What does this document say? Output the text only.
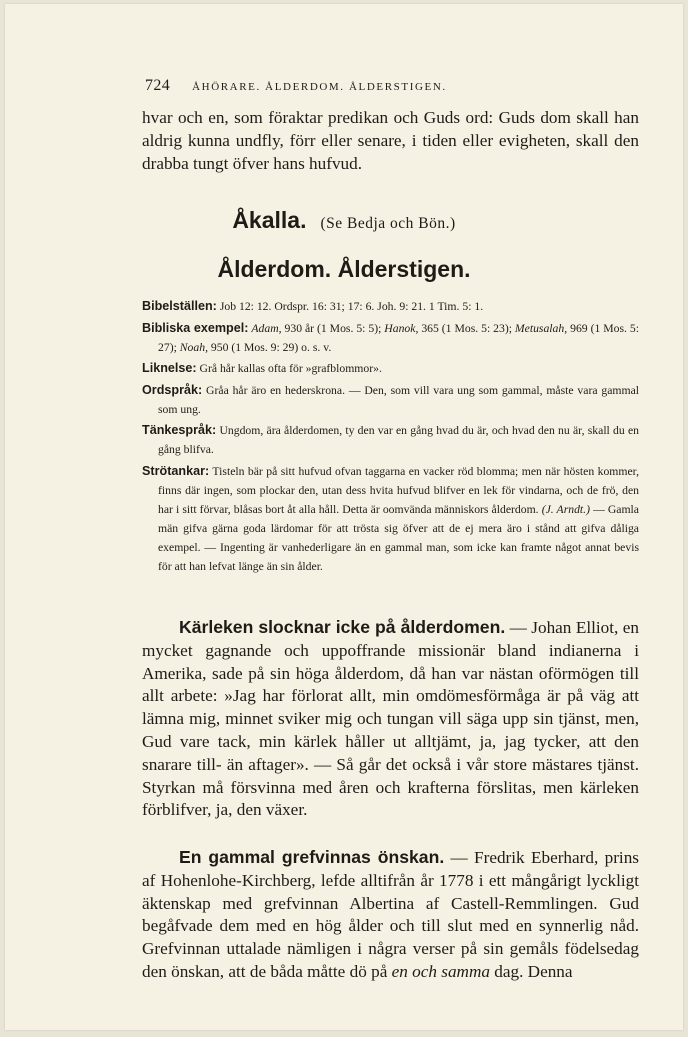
724 ÅHÖRARE. ÅLDERDOM. ÅLDERSTIGEN.

hvar och en, som föraktar predikan och Guds ord: Guds dom skall han aldrig kunna undfly, förr eller senare, i tiden eller evigheten, skall den drabba tungt öfver hans hufvud.

Åkalla. (Se Bedja och Bön.)
Ålderdom. Ålderstigen.

Bibelställen: Job 12: 12. Ordspr. 16: 31; 17: 6. Joh. 9: 21. 1 Tim. 5: 1.

Bibliska exempel: Adam, 930 år (1 Mos. 5: 5); Hanok, 365 (1 Mos. 5: 23); Metusalah, 969 (1 Mos. 5: 27); Noah, 950 (1 Mos. 9: 29) o. s. v.

Liknelse: Grå hår kallas ofta för »grafblommor».

Ordspråk: Gråa hår äro en hederskrona. — Den, som vill vara ung som gammal, måste vara gammal som ung.

Tänkespråk: Ungdom, ära ålderdomen, ty den var en gång hvad du är, och hvad den nu är, skall du en gång blifva.

Strötankar: Tisteln bär på sitt hufvud ofvan taggarna en vacker röd blomma; men när hösten kommer, finns där ingen, som plockar den, utan dess hvita hufvud blifver en lek för vindarna, och de frö, den har i sitt förvar, blåsas bort åt alla håll. Detta är oomvända människors ålderdom. (J. Arndt.) — Gamla män gifva gärna goda lärdomar för att trösta sig öfver att de ej mera äro i stånd att gifva dåliga exempel. — Ingenting är vanhederligare än en gammal man, som icke kan framte något annat bevis för att han lefvat länge än sin ålder.

Kärleken slocknar icke på ålderdomen. — Johan Elliot, en mycket gagnande och uppoffrande missionär bland indianerna i Amerika, sade på sin höga ålderdom, då han var nästan oförmögen till allt arbete: »Jag har förlorat allt, min omdömesförmåga är på väg att lämna mig, minnet sviker mig och tungan vill säga upp sin tjänst, men, Gud vare tack, min kärlek håller ut alltjämt, ja, jag tycker, att den snarare till- än aftager». — Så går det också i vår store mästares tjänst. Styrkan må försvinna med åren och krafterna förslitas, men kärleken förblifver, ja, den växer.

En gammal grefvinnas önskan. — Fredrik Eberhard, prins af Hohenlohe-Kirchberg, lefde alltifrån år 1778 i ett mångårigt lyckligt äktenskap med grefvinnan Albertina af Castell-Remmlingen. Gud begåfvade dem med en hög ålder och till slut med en synnerlig nåd. Grefvinnan uttalade nämligen i några verser på sin gemåls födelsedag den önskan, att de båda måtte dö på en och samma dag. Denna
